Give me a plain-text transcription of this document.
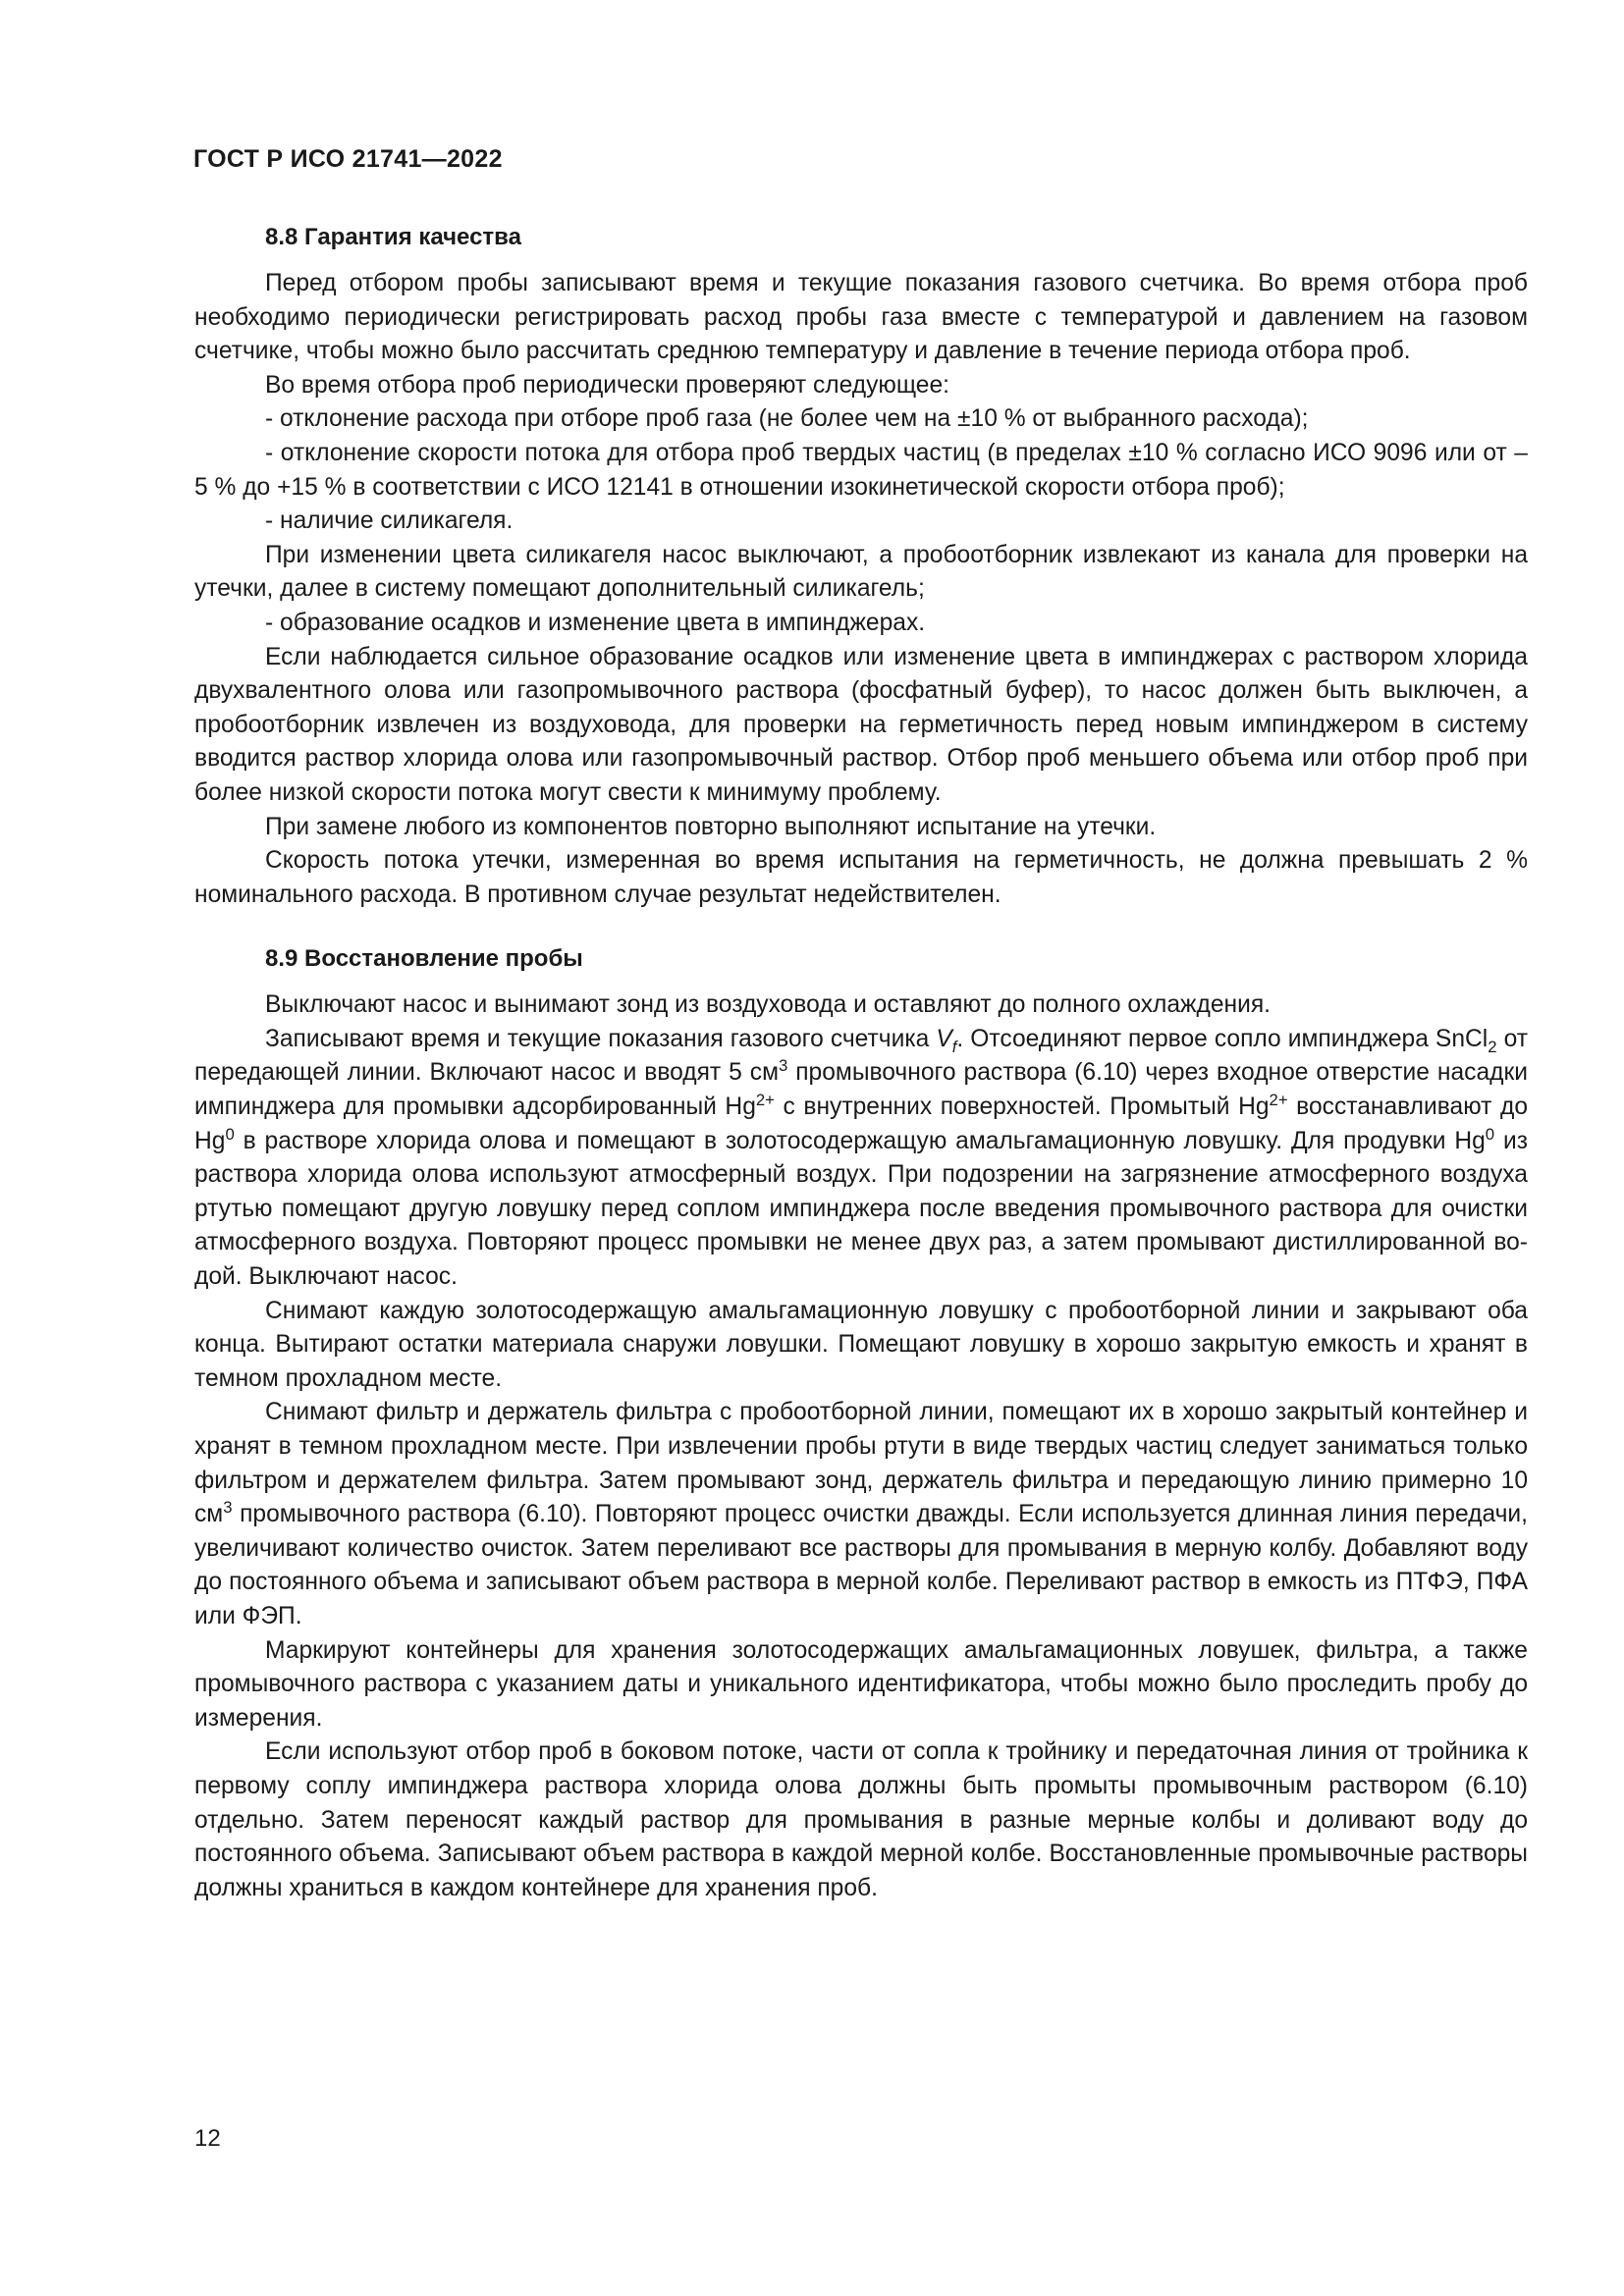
ГОСТ Р ИСО 21741—2022
8.8 Гарантия качества

Перед отбором пробы записывают время и текущие показания газового счетчика. Во время отбора проб необходимо периодически регистрировать расход пробы газа вместе с температурой и давлением на газовом счетчике, чтобы можно было рассчитать среднюю температуру и давление в течение периода отбора проб.

Во время отбора проб периодически проверяют следующее:

- отклонение расхода при отборе проб газа (не более чем на ±10 % от выбранного расхода);

- отклонение скорости потока для отбора проб твердых частиц (в пределах ±10 % согласно ИСО 9096 или от –5 % до +15 % в соответствии с ИСО 12141 в отношении изокинетической скорости отбора проб);

- наличие силикагеля.

При изменении цвета силикагеля насос выключают, а пробоотборник извлекают из канала для проверки на утечки, далее в систему помещают дополнительный силикагель;

- образование осадков и изменение цвета в импинджерах.

Если наблюдается сильное образование осадков или изменение цвета в импинджерах с раствором хлорида двухвалентного олова или газопромывочного раствора (фосфатный буфер), то насос должен быть выключен, а пробоотборник извлечен из воздуховода, для проверки на герметичность перед новым импинджером в систему вводится раствор хлорида олова или газопромывочный раствор. Отбор проб меньшего объема или отбор проб при более низкой скорости потока могут свести к минимуму проблему.

При замене любого из компонентов повторно выполняют испытание на утечки.

Скорость потока утечки, измеренная во время испытания на герметичность, не должна превышать 2 % номинального расхода. В противном случае результат недействителен.

8.9 Восстановление пробы

Выключают насос и вынимают зонд из воздуховода и оставляют до полного охлаждения.

Записывают время и текущие показания газового счетчика $V_f$. Отсоединяют первое сопло импинджера SnCl$_2$ от передающей линии. Включают насос и вводят 5 $см^3$ промывочного раствора (6.10) через входное отверстие насадки импинджера для промывки адсорбированный $Hg^{2+}$ с внутренних поверхностей. Промытый $Hg^{2+}$ восстанавливают до Hg$^0$ в растворе хлорида олова и помещают в золотосодержащую амальгамационную ловушку. Для продувки Hg$^0$ из раствора хлорида олова используют атмосферный воздух. При подозрении на загрязнение атмосферного воздуха ртутью помещают другую ловушку перед соплом импинджера после введения промывочного раствора для очистки атмосферного воздуха. Повторяют процесс промывки не менее двух раз, а затем промывают дистиллированной водой. Выключают насос.

Снимают каждую золотосодержащую амальгамационную ловушку с пробоотборной линии и закрывают оба конца. Вытирают остатки материала снаружи ловушки. Помещают ловушку в хорошо закрытую емкость и хранят в темном прохладном месте.

Снимают фильтр и держатель фильтра с пробоотборной линии, помещают их в хорошо закрытый контейнер и хранят в темном прохладном месте. При извлечении пробы ртути в виде твердых частиц следует заниматься только фильтром и держателем фильтра. Затем промывают зонд, держатель фильтра и передающую линию примерно 10 $см^3$ промывочного раствора (6.10). Повторяют процесс очистки дважды. Если используется длинная линия передачи, увеличивают количество очисток. Затем переливают все растворы для промывания в мерную колбу. Добавляют воду до постоянного объема и записывают объем раствора в мерной колбе. Переливают раствор в емкость из ПТФЭ, ПФА или ФЭП.

Маркируют контейнеры для хранения золотосодержащих амальгамационных ловушек, фильтра, а также промывочного раствора с указанием даты и уникального идентификатора, чтобы можно было проследить пробу до измерения.

Если используют отбор проб в боковом потоке, части от сопла к тройнику и передаточная линия от тройника к первому соплу импинджера раствора хлорида олова должны быть промыты промывочным раствором (6.10) отдельно. Затем переносят каждый раствор для промывания в разные мерные колбы и доливают воду до постоянного объема. Записывают объем раствора в каждой мерной колбе. Восстановленные промывочные растворы должны храниться в каждом контейнере для хранения проб.

12
